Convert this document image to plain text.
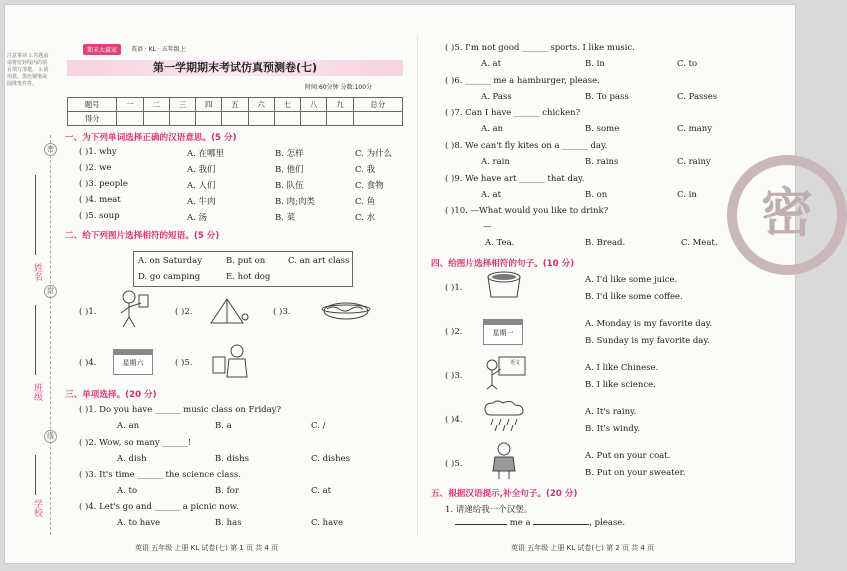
注意事项 1.答题前请将密封线内的项目填写清楚。 2.请用蓝、黑色钢笔或圆珠笔作答。
密
封
线
姓名
班级
学校
期末大赢家	英语 · KL · 五年级上
第一学期期末考试仿真预测卷(七)
时间:60分钟 分数:100分
题号	一	二	三	四	五	六	七	八	九	总分
得分										
一、为下列单词选择正确的汉语意思。(5 分)
( )1. why	A. 在哪里	B. 怎样	C. 为什么
( )2. we	A. 我们	B. 他们	C. 我
( )3. people	A. 人们	B. 队伍	C. 食物
( )4. meat	A. 牛肉	B. 肉;肉类	C. 鱼
( )5. soup	A. 汤	B. 菜	C. 水
二、给下列图片选择相符的短语。(5 分)
A. on Saturday	B. put on	C. an art class
D. go camping	E. hot dog
( )1.	( )2.	( )3.
( )4.	星期六	( )5.
三、单项选择。(20 分)
( )1. Do you have ______ music class on Friday?
A. an	B. a	C. /
( )2. Wow, so many ______!
A. dish	B. dishs	C. dishes
( )3. It's time ______ the science class.
A. to	B. for	C. at
( )4. Let's go and ______ a picnic now.
A. to have	B. has	C. have
英语 五年级 上册 KL 试卷(七) 第 1 页 共 4 页
( )5. I'm not good ______ sports. I like music.
A. at	B. in	C. to
( )6. ______ me a hamburger, please.
A. Pass	B. To pass	C. Passes
( )7. Can I have ______ chicken?
A. an	B. some	C. many
( )8. We can't fly kites on a ______ day.
A. rain	B. rains	C. rainy
( )9. We have art ______ that day.
A. at	B. on	C. in
( )10. —What would you like to drink?
—
A. Tea.	B. Bread.	C. Meat.
四、给图片选择相符的句子。(10 分)
( )1.
A. I'd like some juice.
B. I'd like some coffee.
( )2.	星期一
A. Monday is my favorite day.
B. Sunday is my favorite day.
( )3.
语文	A. I like Chinese.
B. I like science.
( )4.
A. It's rainy.
B. It's windy.
( )5.
A. Put on your coat.
B. Put on your sweater.
五、根据汉语提示,补全句子。(20 分)
1. 请递给我一个汉堡。
me a	, please.
英语 五年级 上册 KL 试卷(七) 第 2 页 共 4 页
密
